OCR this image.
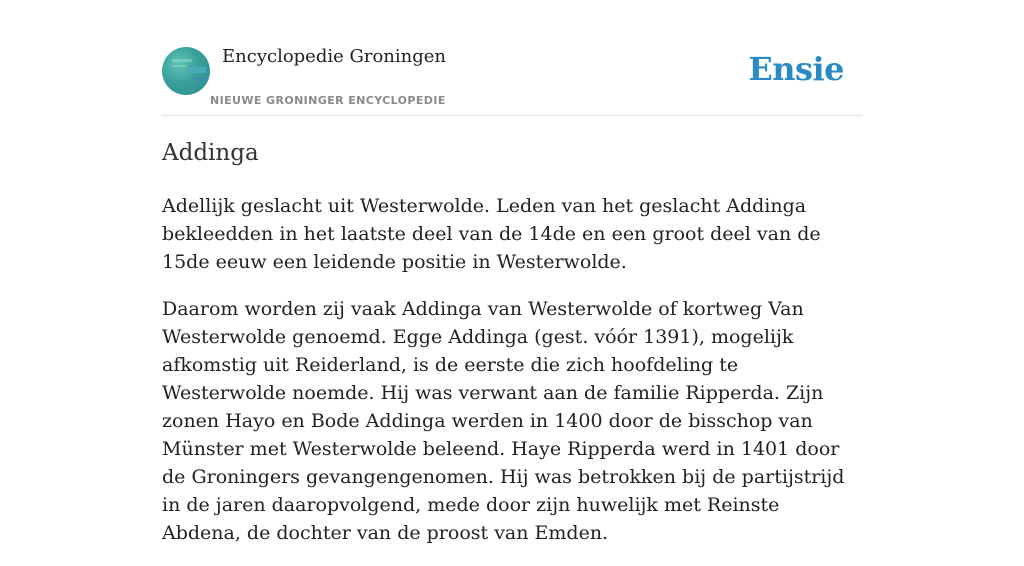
Encyclopedie Groningen
NIEUWE GRONINGER ENCYCLOPEDIE
Ensie
Addinga

Adellijk geslacht uit Westerwolde. Leden van het geslacht Addinga bekleedden in het laatste deel van de 14de en een groot deel van de 15de eeuw een leidende positie in Westerwolde.

Daarom worden zij vaak Addinga van Westerwolde of kortweg Van Westerwolde genoemd. Egge Addinga (gest. vóór 1391), mogelijk afkomstig uit Reiderland, is de eerste die zich hoofdeling te Westerwolde noemde. Hij was verwant aan de familie Ripperda. Zijn zonen Hayo en Bode Addinga werden in 1400 door de bisschop van Münster met Westerwolde beleend. Haye Ripperda werd in 1401 door de Groningers gevangengenomen. Hij was betrokken bij de partijstrijd in de jaren daaropvolgend, mede door zijn huwelijk met Reinste Abdena, de dochter van de proost van Emden.
